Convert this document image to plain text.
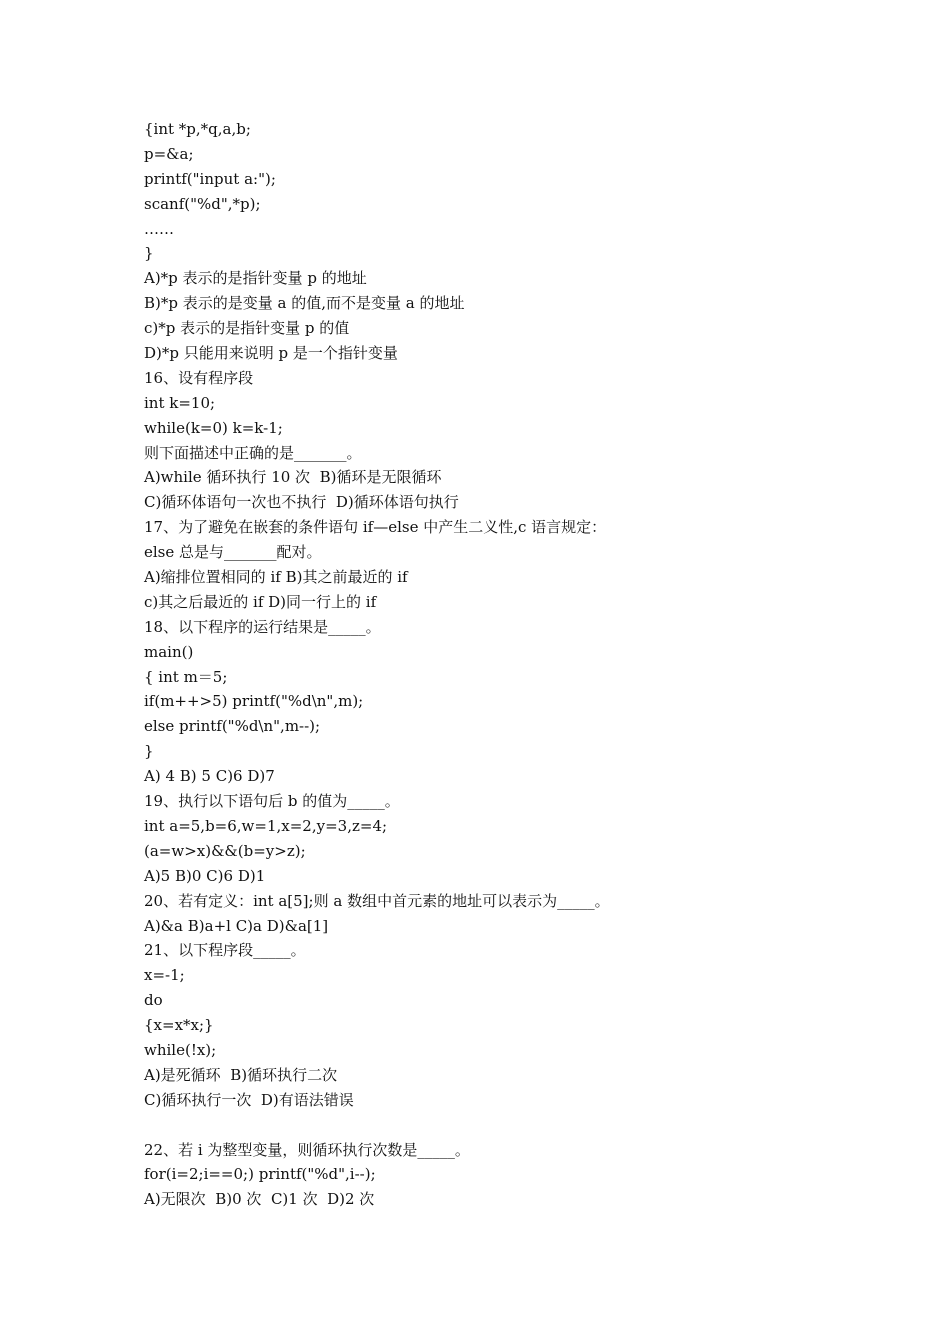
{int *p,*q,a,b;
p=&a;
printf("input a:");
scanf("%d",*p);
……
}
A)*p 表示的是指针变量 p 的地址
B)*p 表示的是变量 a 的值,而不是变量 a 的地址
c)*p 表示的是指针变量 p 的值
D)*p 只能用来说明 p 是一个指针变量
16、设有程序段
int k=10;
while(k=0) k=k-1;
则下面描述中正确的是_______。
A)while 循环执行 10 次  B)循环是无限循环
C)循环体语句一次也不执行  D)循环体语句执行
17、为了避免在嵌套的条件语句 if—else 中产生二义性,c 语言规定：
else 总是与_______配对。
A)缩排位置相同的 if B)其之前最近的 if
c)其之后最近的 if D)同一行上的 if
18、以下程序的运行结果是_____。
main()
{ int m＝5;
if(m++>5) printf("%d\n",m);
else printf("%d\n",m--);
}
A) 4 B) 5 C)6 D)7
19、执行以下语句后 b 的值为_____。
int a=5,b=6,w=1,x=2,y=3,z=4;
(a=w>x)&&(b=y>z);
A)5 B)0 C)6 D)1
20、若有定义：int a[5];则 a 数组中首元素的地址可以表示为_____。
A)&a B)a+l C)a D)&a[1]
21、以下程序段_____。
x=-1;
do
{x=x*x;}
while(!x);
A)是死循环  B)循环执行二次
C)循环执行一次  D)有语法错误
22、若 i 为整型变量，则循环执行次数是_____。
for(i=2;i==0;) printf("%d",i--);
A)无限次  B)0 次  C)1 次  D)2 次
